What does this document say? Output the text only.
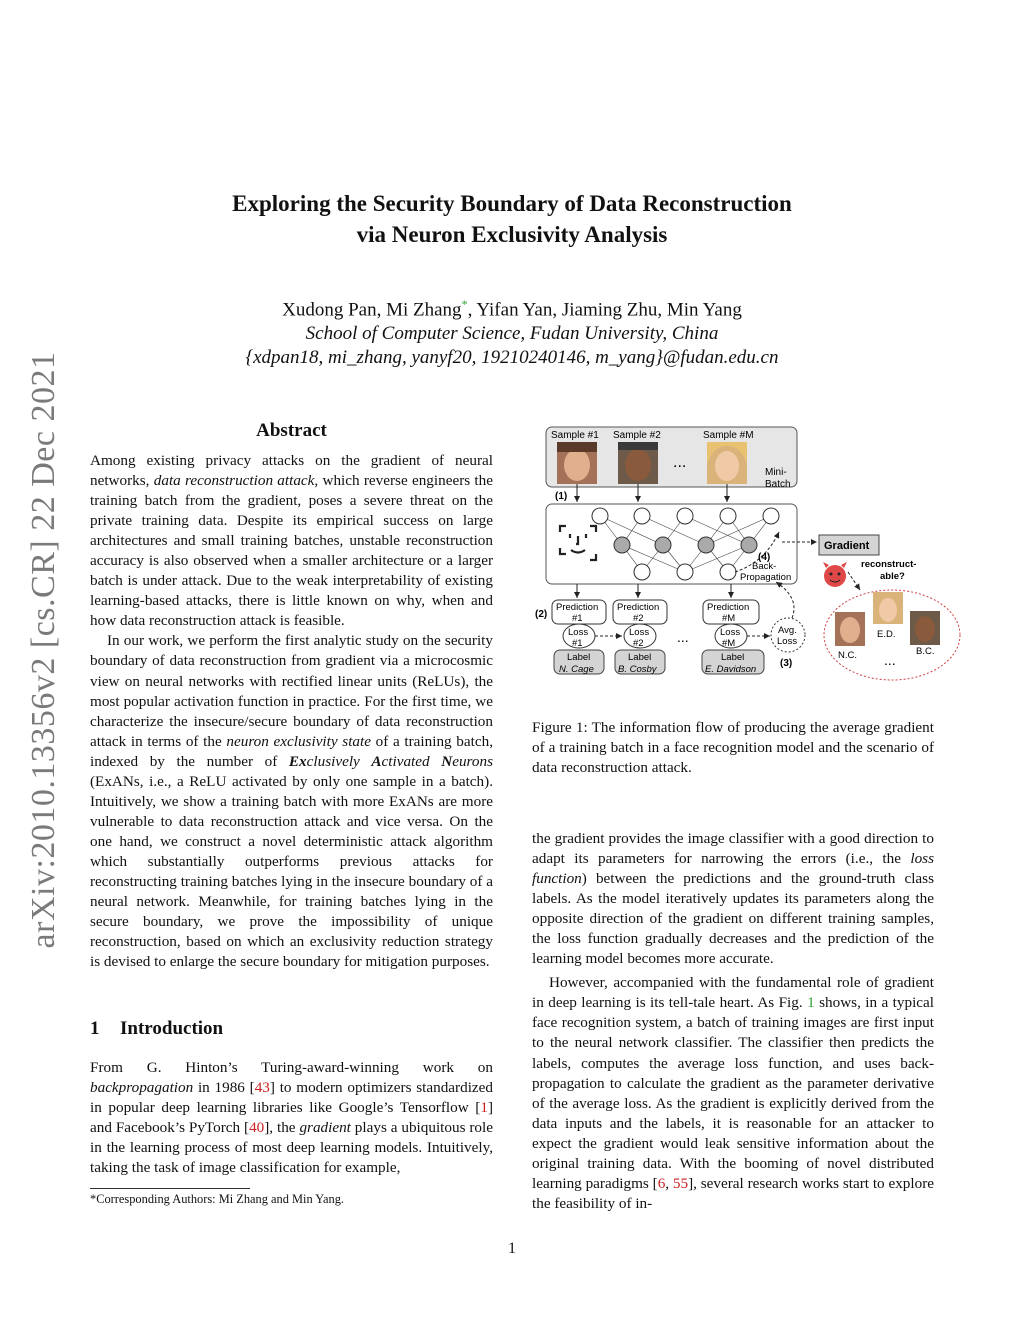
arXiv:2010.13356v2 [cs.CR] 22 Dec 2021
Exploring the Security Boundary of Data Reconstruction
via Neuron Exclusivity Analysis
Xudong Pan, Mi Zhang*, Yifan Yan, Jiaming Zhu, Min Yang
School of Computer Science, Fudan University, China
{xdpan18, mi_zhang, yanyf20, 19210240146, m_yang}@fudan.edu.cn
Abstract

Among existing privacy attacks on the gradient of neural networks, data reconstruction attack, which reverse engineers the training batch from the gradient, poses a severe threat on the private training data. Despite its empirical success on large architectures and small training batches, unstable reconstruction accuracy is also observed when a smaller architecture or a larger batch is under attack. Due to the weak interpretability of existing learning-based attacks, there is little known on why, when and how data reconstruction attack is feasible.

In our work, we perform the first analytic study on the security boundary of data reconstruction from gradient via a microcosmic view on neural networks with rectified linear units (ReLUs), the most popular activation function in practice. For the first time, we characterize the insecure/secure boundary of data reconstruction attack in terms of the neuron exclusivity state of a training batch, indexed by the number of Exclusively Activated Neurons (ExANs, i.e., a ReLU activated by only one sample in a batch). Intuitively, we show a training batch with more ExANs are more vulnerable to data reconstruction attack and vice versa. On the one hand, we construct a novel deterministic attack algorithm which substantially outperforms previous attacks for reconstructing training batches lying in the insecure boundary of a neural network. Meanwhile, for training batches lying in the secure boundary, we prove the impossibility of unique reconstruction, based on which an exclusivity reduction strategy is devised to enlarge the secure boundary for mitigation purposes.

1 Introduction

From G. Hinton’s Turing-award-winning work on backpropagation in 1986 [43] to modern optimizers standardized in popular deep learning libraries like Google’s Tensorflow [1] and Facebook’s PyTorch [40], the gradient plays a ubiquitous role in the learning process of most deep learning models. Intuitively, taking the task of image classification for example,

*Corresponding Authors: Mi Zhang and Min Yang.
Sample #1 Sample #2	Sample #M
...
Mini-
Batch
(1)
(4)
Back-
Propagation
Gradient
reconstruct-
able?
N.C.
E.D.
B.C.
...
(2)
Prediction
#1
Loss
#1
Label
N. Cage
Prediction
#2
Loss
#2
Label
B. Cosby
...
Prediction
#M
Loss
#M
Label
E. Davidson
Avg.
Loss
(3)
Figure 1: The information flow of producing the average gradient of a training batch in a face recognition model and the scenario of data reconstruction attack.

the gradient provides the image classifier with a good direction to adapt its parameters for narrowing the errors (i.e., the loss function) between the predictions and the ground-truth class labels. As the model iteratively updates its parameters along the opposite direction of the gradient on different training samples, the loss function gradually decreases and the prediction of the learning model becomes more accurate.

However, accompanied with the fundamental role of gradient in deep learning is its tell-tale heart. As Fig. 1 shows, in a typical face recognition system, a batch of training images are first input to the neural network classifier. The classifier then predicts the labels, computes the average loss function, and uses back-propagation to calculate the gradient as the parameter derivative of the average loss. As the gradient is explicitly derived from the data inputs and the labels, it is reasonable for an attacker to expect the gradient would leak sensitive information about the original training data. With the booming of novel distributed learning paradigms [6, 55], several research works start to explore the feasibility of in-

1
